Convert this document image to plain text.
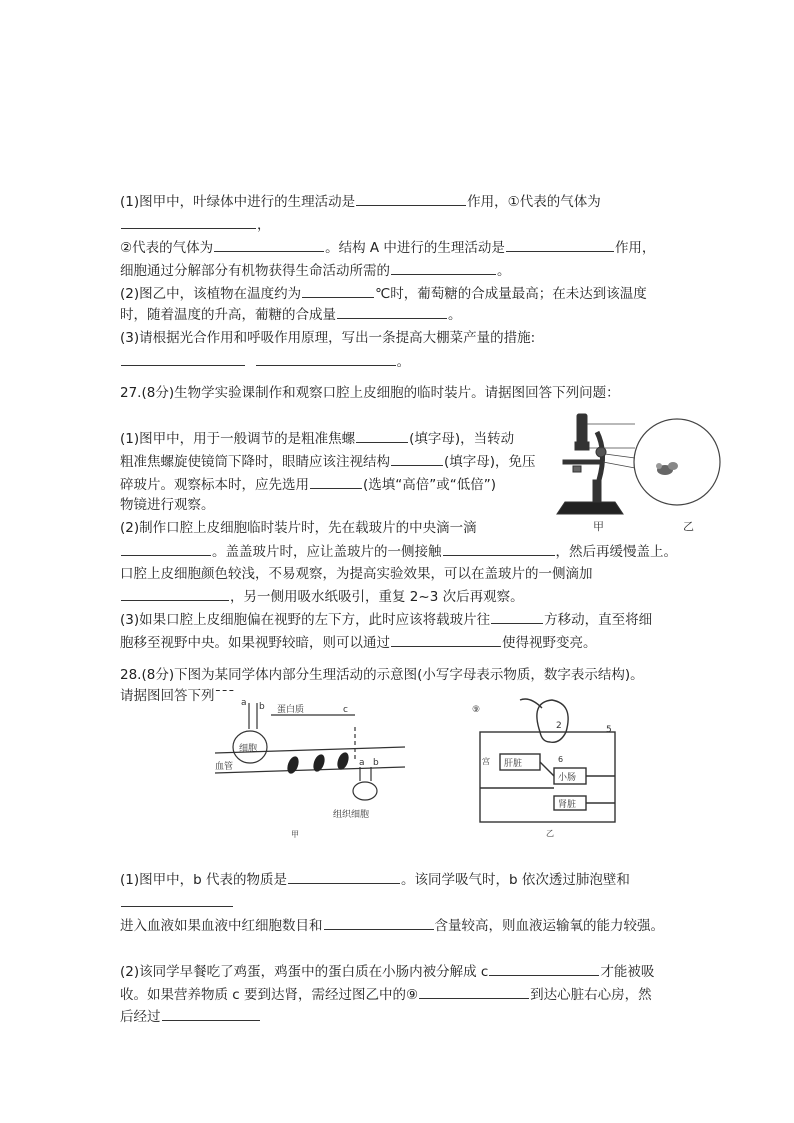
(1)图甲中，叶绿体中进行的生理活动是	作用，①代表的气体为
，
②代表的气体为	。结构 A 中进行的生理活动是	作用，
细胞通过分解部分有机物获得生命活动所需的	。
(2)图乙中，该植物在温度约为	℃时，葡萄糖的合成量最高；在未达到该温度
时，随着温度的升高，葡糖的合成量	。
(3)请根据光合作用和呼吸作用原理，写出一条提高大棚菜产量的措施:
。
27.(8分)生物学实验课制作和观察口腔上皮细胞的临时装片。请据图回答下列问题：
(1)图甲中，用于一般调节的是粗准焦螺	(填字母)，当转动
粗准焦螺旋使镜筒下降时，眼睛应该注视结构	(填字母)，免压
碎玻片。观察标本时，应先选用	(选填“高倍”或“低倍”)
物镜进行观察。
(2)制作口腔上皮细胞临时装片时，先在载玻片的中央滴一滴
。盖盖玻片时，应让盖玻片的一侧接触	，然后再缓慢盖上。
口腔上皮细胞颜色较浅，不易观察，为提高实验效果，可以在盖玻片的一侧滴加
，另一侧用吸水纸吸引，重复 2~3 次后再观察。
(3)如果口腔上皮细胞偏在视野的左下方，此时应该将载玻片往	方移动，直至将细
胞移至视野中央。如果视野较暗，则可以通过	使得视野变亮。
甲	乙
28.(8分)下图为某同学体内部分生理活动的示意图(小写字母表示物质，数字表示结构)。
请据图回答下列¯¯¯ a b 蛋白质	c
细胞
血管	a b
组织细胞
甲
⑨
5
2
6
宫 肝脏
小肠
肾脏
乙
(1)图甲中，b 代表的物质是	。该同学吸气时，b 依次透过肺泡壁和
进入血液如果血液中红细胞数目和	含量较高，则血液运输氧的能力较强。
(2)该同学早餐吃了鸡蛋，鸡蛋中的蛋白质在小肠内被分解成 c	才能被吸
收。如果营养物质 c 要到达肾，需经过图乙中的⑨	到达心脏右心房，然
后经过
